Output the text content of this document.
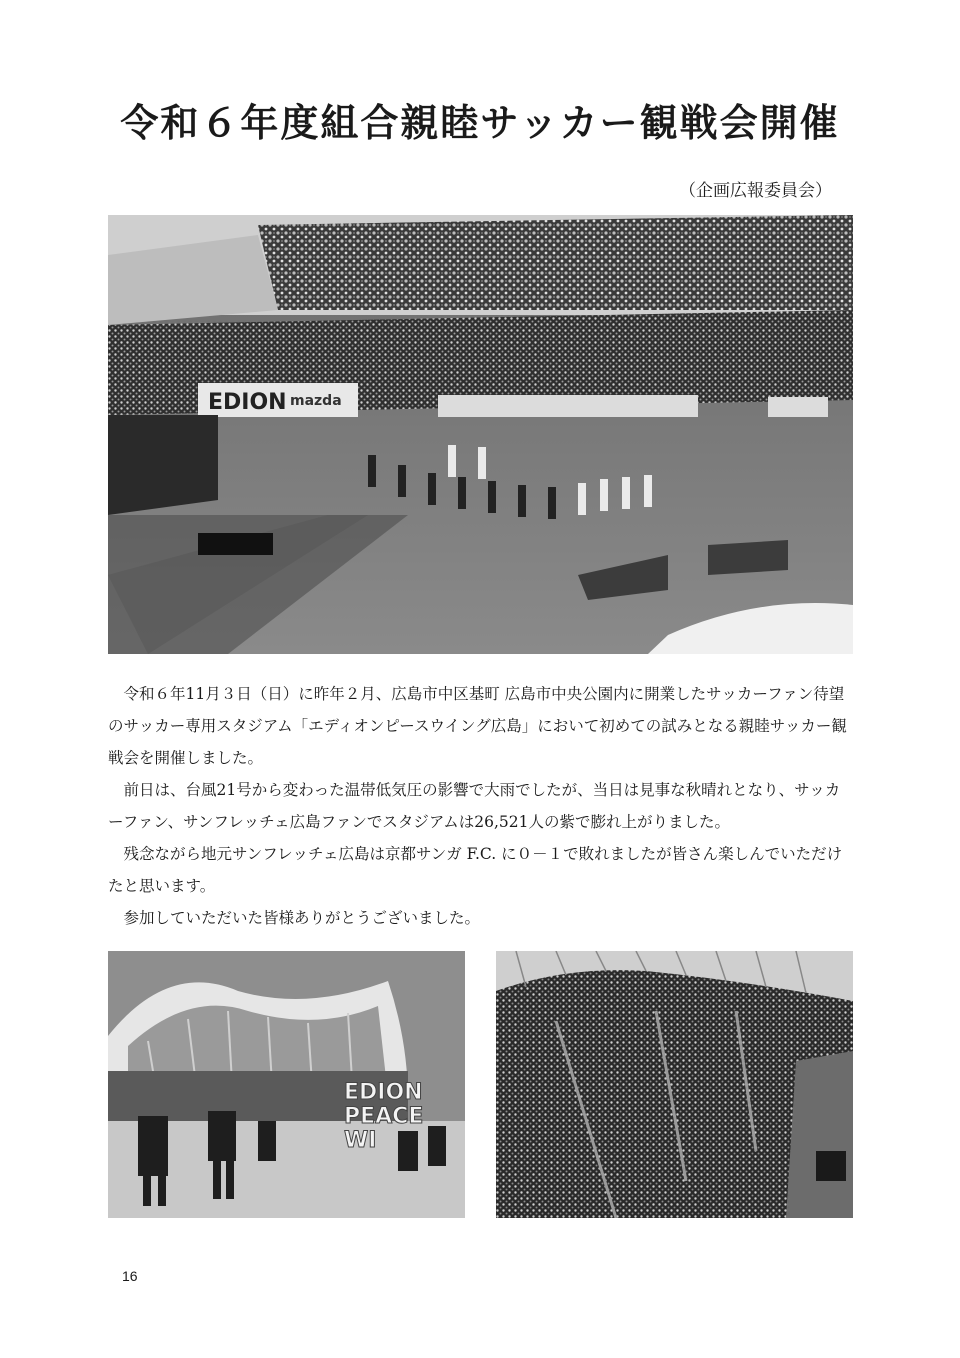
令和６年度組合親睦サッカー観戦会開催
（企画広報委員会）
EDION mazda

令和６年11月３日（日）に昨年２月、広島市中区基町 広島市中央公園内に開業したサッカーファン待望のサッカー専用スタジアム「エディオンピースウイング広島」において初めての試みとなる親睦サッカー観戦会を開催しました。

前日は、台風21号から変わった温帯低気圧の影響で大雨でしたが、当日は見事な秋晴れとなり、サッカーファン、サンフレッチェ広島ファンでスタジアムは26,521人の紫で膨れ上がりました。

残念ながら地元サンフレッチェ広島は京都サンガ F.C. に０－１で敗れましたが皆さん楽しんでいただけたと思います。

参加していただいた皆様ありがとうございました。

EDION
PEACE
WI
16
